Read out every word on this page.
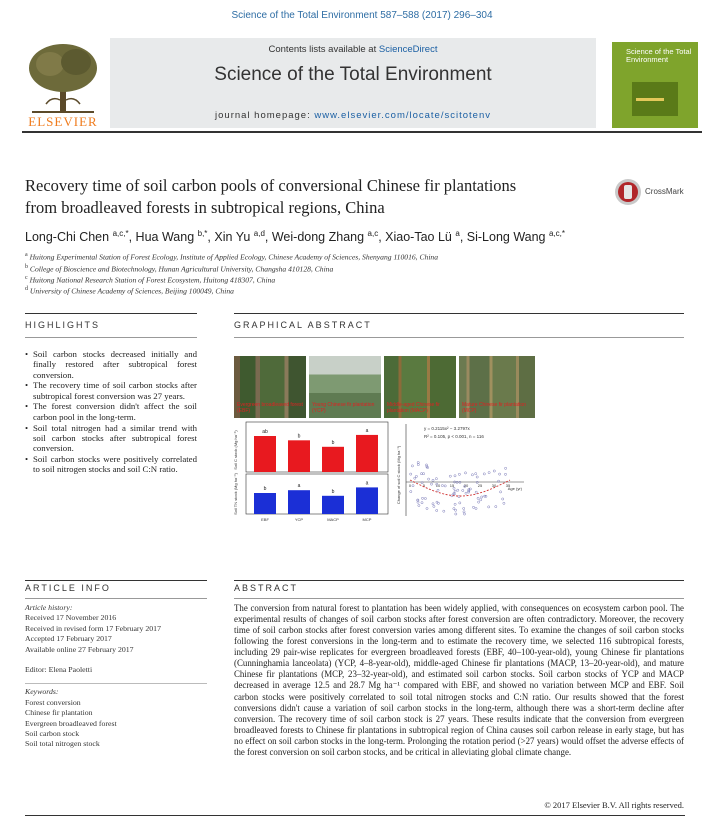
Science of the Total Environment 587–588 (2017) 296–304
ELSEVIER
Contents lists available at ScienceDirect
Science of the Total Environment
journal homepage: www.elsevier.com/locate/scitotenv
Science of the Total Environment
Recovery time of soil carbon pools of conversional Chinese fir plantations
from broadleaved forests in subtropical regions, China
CrossMark
Long-Chi Chen $^{a,c,*}$, Hua Wang $^{b,*}$, Xin Yu $^{a,d}$, Wei-dong Zhang $^{a,c}$, Xiao-Tao Lü $^a$, Si-Long Wang $^{a,c,*}$
$^a$ Huitong Experimental Station of Forest Ecology, Institute of Applied Ecology, Chinese Academy of Sciences, Shenyang 110016, China
$^b$ College of Bioscience and Biotechnology, Hunan Agricultural University, Changsha 410128, China
$^c$ Huitong National Research Station of Forest Ecosystem, Huitong 418307, China
$^d$ University of Chinese Academy of Sciences, Beijing 100049, China
HIGHLIGHTS
• Soil carbon stocks decreased initially and finally restored after subtropical forest conversion.
• The recovery time of soil carbon stocks after subtropical forest conversion was 27 years.
• The forest conversion didn't affect the soil carbon pool in the long-term.
• Soil total nitrogen had a similar trend with soil carbon stocks after subtropical forest conversion.
• Soil carbon stocks were positively correlated to soil nitrogen stocks and soil C:N ratio.
GRAPHICAL ABSTRACT
Evergreen broadleaved forest (EBF)
Young Chinese fir plantation (YCP)
Middle-aged Chinese fir plantation (MACP)
Mature Chinese fir plantation (MCP)
ab
b
b
a
Soil C stock (Mg ha⁻¹)
b
EBF
a
YCP
b
MACP
a
MCP
Soil TN stock (Mg ha⁻¹)
y = 0.2115x² − 3.2797x
R² = 0.105, p < 0.001, n = 116
Change of soil C stock (Mg ha⁻¹)	Age (yr)
0	5	10 15 20 25 30 35
ARTICLE INFO
Article history:
Received 17 November 2016
Received in revised form 17 February 2017
Accepted 17 February 2017
Available online 27 February 2017
Editor: Elena Paoletti
Keywords:
Forest conversion
Chinese fir plantation
Evergreen broadleaved forest
Soil carbon stock
Soil total nitrogen stock
ABSTRACT
The conversion from natural forest to plantation has been widely applied, with consequences on ecosystem carbon pool. The experimental results of changes of soil carbon stocks after forest conversion are often contradictory. Moreover, the recovery time of soil carbon stocks after forest conversion varies among different sites. To examine the changes of soil carbon stocks following the forest conversions in the long-term and to estimate the recovery time, we selected 116 subtropical forests, including 29 pair-wise replicates for evergreen broadleaved forests (EBF, 40–100-year-old), young Chinese fir plantations (Cunninghamia lanceolata) (YCP, 4–8-year-old), middle-aged Chinese fir plantations (MACP, 13–20-year-old), and mature Chinese fir plantations (MCP, 23–32-year-old), and estimated soil carbon stocks. Soil carbon stocks of YCP and MACP decreased in average 12.5 and 28.7 Mg ha⁻¹ compared with EBF, and showed no variation between MCP and EBF. Soil carbon stocks were positively correlated to soil total nitrogen stocks and C:N ratio. Our results showed that the forest conversions didn't cause a variation of soil carbon stocks in the long-term, although there was a short-term decline after conversion. The recovery time of soil carbon stock is 27 years. These results indicate that the conversion from evergreen broadleaved forests to Chinese fir plantations in subtropical region of China causes soil carbon release in early stage, but has no effect on soil carbon stocks in the long-term. Prolonging the rotation period (>27 years) would offset the adverse effects of the forest conversion on soil carbon stocks, and be critical in alleviating global climate change.
© 2017 Elsevier B.V. All rights reserved.
